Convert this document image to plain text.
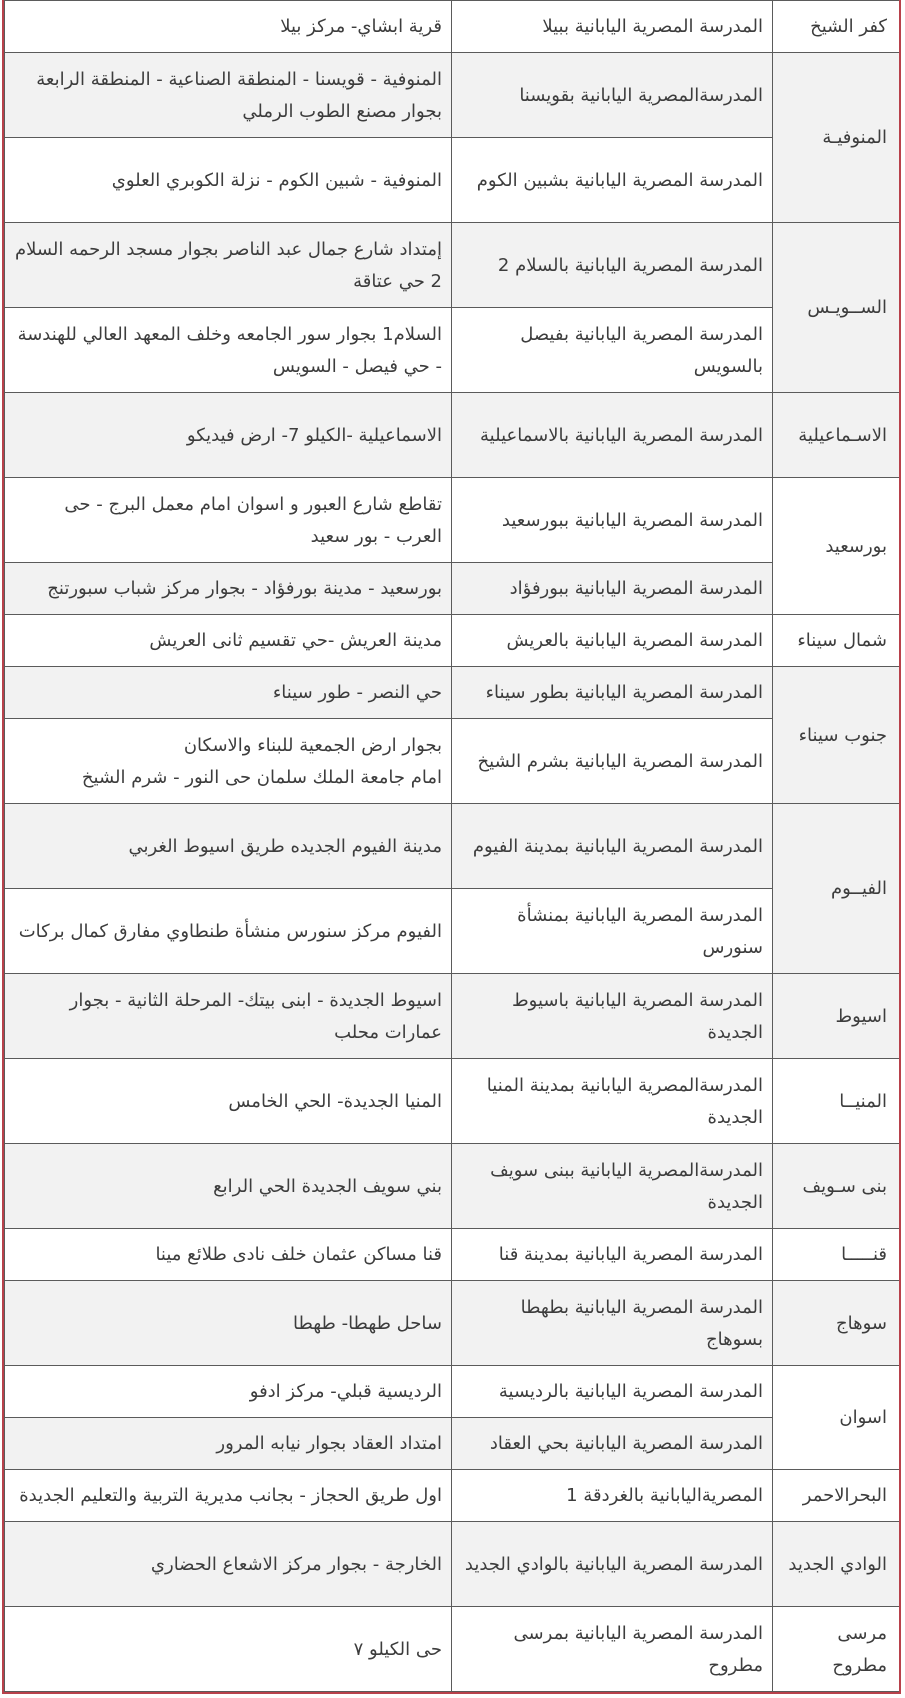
كفر الشيخ	المدرسة المصرية اليابانية ببيلا	قرية ابشاي- مركز بيلا
المنوفيـة	المدرسةالمصرية اليابانية بقويسنا	المنوفية - قويسنا - المنطقة الصناعية - المنطقة الرابعة بجوار مصنع الطوب الرملي
	المدرسة المصرية اليابانية بشبين الكوم	المنوفية - شبين الكوم - نزلة الكوبري العلوي
الســويـس	المدرسة المصرية اليابانية بالسلام 2	إمتداد شارع جمال عبد الناصر بجوار مسجد الرحمه السلام 2 حي عتاقة
	المدرسة المصرية اليابانية بفيصل بالسويس	السلام1 بجوار سور الجامعه وخلف المعهد العالي للهندسة - حي فيصل - السويس
الاسـماعيلية	المدرسة المصرية اليابانية بالاسماعيلية	الاسماعيلية -الكيلو 7- ارض فيديكو
بورسعيد	المدرسة المصرية اليابانية ببورسعيد	تقاطع شارع العبور و اسوان امام معمل البرج - حى العرب - بور سعيد
	المدرسة المصرية اليابانية ببورفؤاد	بورسعيد - مدينة بورفؤاد - بجوار مركز شباب سبورتنج
شمال سيناء	المدرسة المصرية اليابانية بالعريش	مدينة العريش -حي تقسيم ثانى العريش
جنوب سيناء	المدرسة المصرية اليابانية بطور سيناء	حي النصر - طور سيناء
	المدرسة المصرية اليابانية بشرم الشيخ	بجوار ارض الجمعية للبناء والاسكان
امام جامعة الملك سلمان حى النور - شرم الشيخ
الفيــوم	المدرسة المصرية اليابانية بمدينة الفيوم	مدينة الفيوم الجديده طريق اسيوط الغربي
	المدرسة المصرية اليابانية بمنشأة سنورس	الفيوم مركز سنورس منشأة طنطاوي مفارق كمال بركات
اسيوط	المدرسة المصرية اليابانية باسيوط الجديدة	اسيوط الجديدة - ابنى بيتك- المرحلة الثانية - بجوار عمارات محلب
المنيــا	المدرسةالمصرية اليابانية بمدينة المنيا الجديدة	المنيا الجديدة- الحي الخامس
بنى سـويف	المدرسةالمصرية اليابانية ببنى سويف الجديدة	بني سويف الجديدة الحي الرابع
قنـــــا	المدرسة المصرية اليابانية بمدينة قنا	قنا مساكن عثمان خلف نادى طلائع مينا
سوهاج	المدرسة المصرية اليابانية بطهطا بسوهاج	ساحل طهطا- طهطا
اسوان	المدرسة المصرية اليابانية بالرديسية	الرديسية قبلي- مركز ادفو
	المدرسة المصرية اليابانية بحي العقاد	امتداد العقاد بجوار نيابه المرور
البحرالاحمر	المصريةاليابانية بالغردقة 1	اول طريق الحجاز - بجانب مديرية التربية والتعليم الجديدة
الوادي الجديد	المدرسة المصرية اليابانية بالوادي الجديد	الخارجة - بجوار مركز الاشعاع الحضاري
مرسى مطروح	المدرسة المصرية اليابانية بمرسى مطروح	حى الكيلو ٧
